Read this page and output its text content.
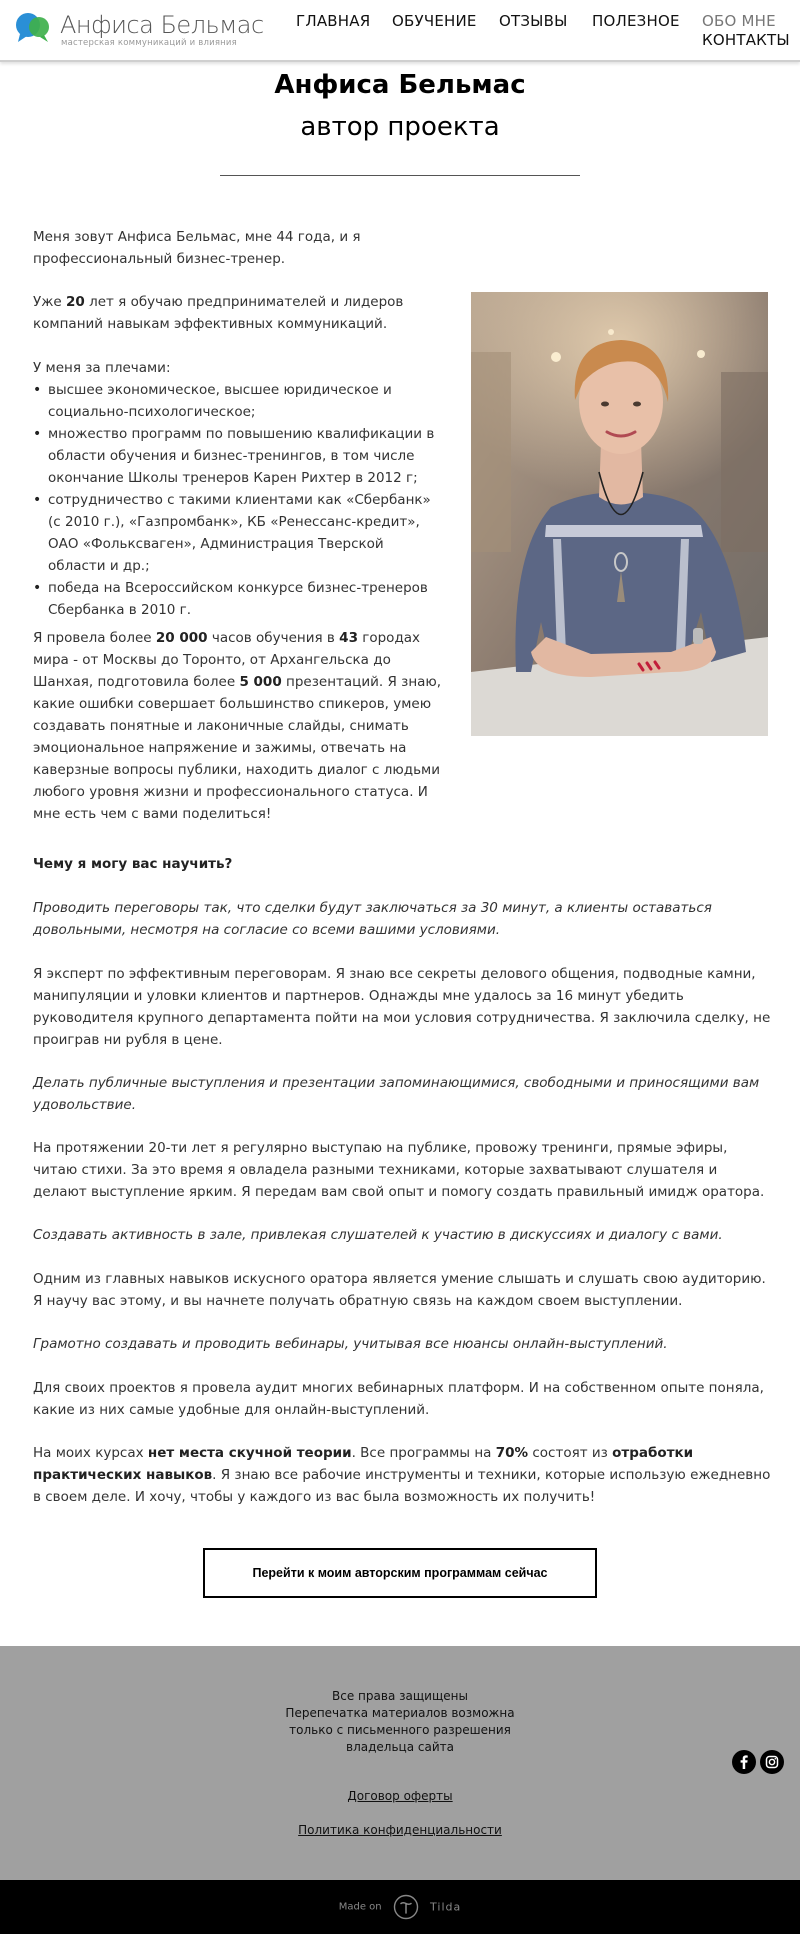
Анфиса Бельмас
мастерская коммуникаций и влияния
ГЛАВНАЯ ОБУЧЕНИЕ ОТЗЫВЫ ПОЛЕЗНОЕ ОБО МНЕ
КОНТАКТЫ
Анфиса Бельмас
автор проекта

Меня зовут Анфиса Бельмас, мне 44 года, и я профессиональный бизнес-тренер.

Уже 20 лет я обучаю предпринимателей и лидеров компаний навыкам эффективных коммуникаций.

У меня за плечами:

• высшее экономическое, высшее юридическое и социально-психологическое;
• множество программ по повышению квалификации в области обучения и бизнес-тренингов, в том числе окончание Школы тренеров Карен Рихтер в 2012 г;
• сотрудничество с такими клиентами как «Сбербанк» (с 2010 г.), «Газпромбанк», КБ «Ренессанс-кредит», ОАО «Фольксваген», Администрация Тверской области и др.;
• победа на Всероссийском конкурсе бизнес-тренеров Сбербанка в 2010 г.

Я провела более 20 000 часов обучения в 43 городах мира - от Москвы до Торонто, от Архангельска до Шанхая, подготовила более 5 000 презентаций. Я знаю, какие ошибки совершает большинство спикеров, умею создавать понятные и лаконичные слайды, снимать эмоциональное напряжение и зажимы, отвечать на каверзные вопросы публики, находить диалог с людьми любого уровня жизни и профессионального статуса. И мне есть чем с вами поделиться!

Чему я могу вас научить?

Проводить переговоры так, что сделки будут заключаться за 30 минут, а клиенты оставаться довольными, несмотря на согласие со всеми вашими условиями.

Я эксперт по эффективным переговорам. Я знаю все секреты делового общения, подводные камни, манипуляции и уловки клиентов и партнеров. Однажды мне удалось за 16 минут убедить руководителя крупного департамента пойти на мои условия сотрудничества. Я заключила сделку, не проиграв ни рубля в цене.

Делать публичные выступления и презентации запоминающимися, свободными и приносящими вам удовольствие.

На протяжении 20-ти лет я регулярно выступаю на публике, провожу тренинги, прямые эфиры, читаю стихи. За это время я овладела разными техниками, которые захватывают слушателя и делают выступление ярким. Я передам вам свой опыт и помогу создать правильный имидж оратора.

Создавать активность в зале, привлекая слушателей к участию в дискуссиях и диалогу с вами.

Одним из главных навыков искусного оратора является умение слышать и слушать свою аудиторию. Я научу вас этому, и вы начнете получать обратную связь на каждом своем выступлении.

Грамотно создавать и проводить вебинары, учитывая все нюансы онлайн-выступлений.

Для своих проектов я провела аудит многих вебинарных платформ. И на собственном опыте поняла, какие из них самые удобные для онлайн-выступлений.

На моих курсах нет места скучной теории. Все программы на 70% состоят из отработки практических навыков. Я знаю все рабочие инструменты и техники, которые использую ежедневно в своем деле. И хочу, чтобы у каждого из вас была возможность их получить!

Перейти к моим авторским программам сейчас
Все права защищены
Перепечатка материалов возможна
только с письменного разрешения
владельца сайта
Договор оферты
Политика конфиденциальности
Made on	Tilda
